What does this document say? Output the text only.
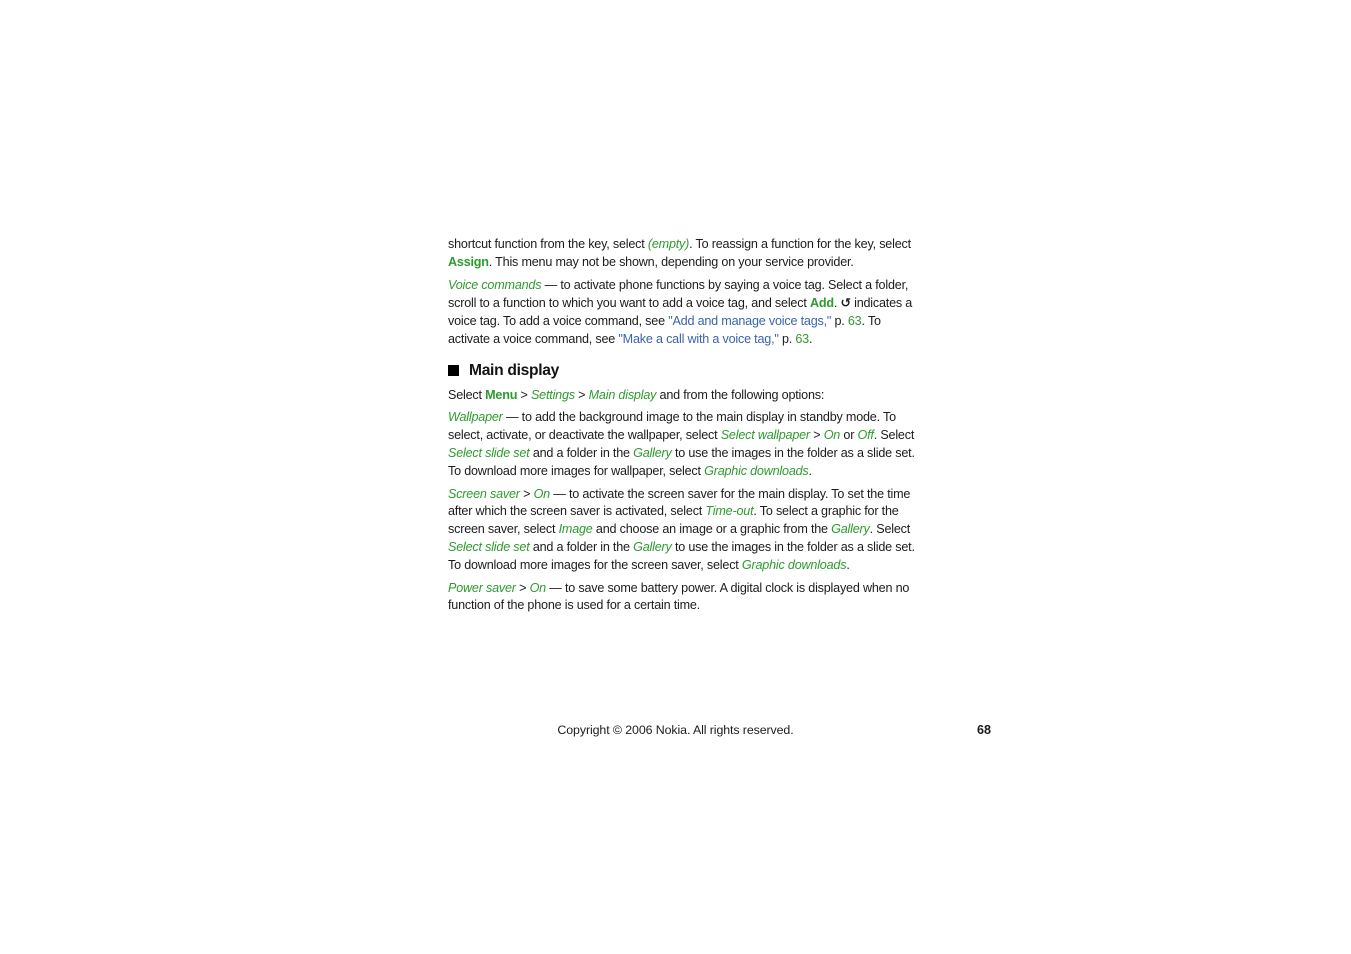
shortcut function from the key, select (empty). To reassign a function for the key, select Assign. This menu may not be shown, depending on your service provider.

Voice commands — to activate phone functions by saying a voice tag. Select a folder, scroll to a function to which you want to add a voice tag, and select Add. ↺ indicates a voice tag. To add a voice command, see "Add and manage voice tags," p. 63. To activate a voice command, see "Make a call with a voice tag," p. 63.

Main display

Select Menu > Settings > Main display and from the following options:

Wallpaper — to add the background image to the main display in standby mode. To select, activate, or deactivate the wallpaper, select Select wallpaper > On or Off. Select Select slide set and a folder in the Gallery to use the images in the folder as a slide set. To download more images for wallpaper, select Graphic downloads.

Screen saver > On — to activate the screen saver for the main display. To set the time after which the screen saver is activated, select Time-out. To select a graphic for the screen saver, select Image and choose an image or a graphic from the Gallery. Select Select slide set and a folder in the Gallery to use the images in the folder as a slide set. To download more images for the screen saver, select Graphic downloads.

Power saver > On — to save some battery power. A digital clock is displayed when no function of the phone is used for a certain time.

Copyright © 2006 Nokia. All rights reserved.	68
